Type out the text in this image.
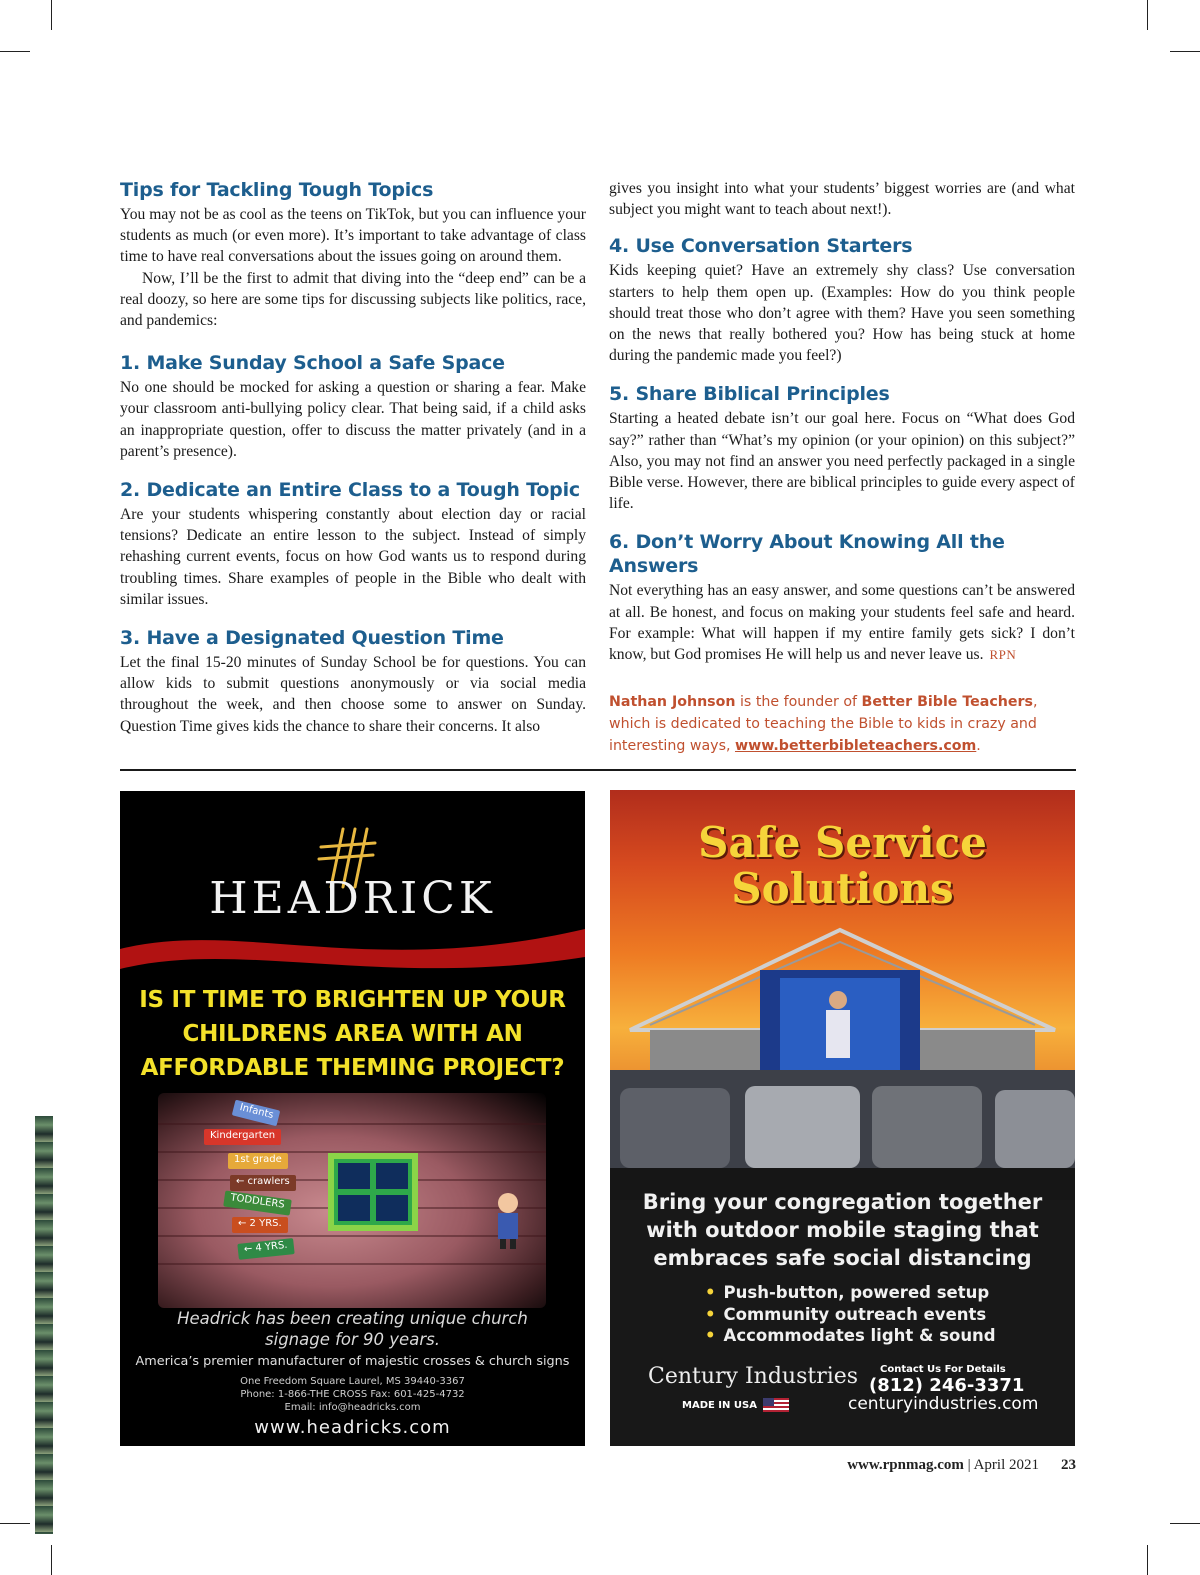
Tips for Tackling Tough Topics

You may not be as cool as the teens on TikTok, but you can influence your students as much (or even more). It’s important to take advantage of class time to have real conversations about the issues going on around them.

Now, I’ll be the first to admit that diving into the “deep end” can be a real doozy, so here are some tips for discussing subjects like politics, race, and pandemics:

1. Make Sunday School a Safe Space

No one should be mocked for asking a question or sharing a fear. Make your classroom anti-bullying policy clear. That being said, if a child asks an inappropriate question, offer to discuss the matter privately (and in a parent’s presence).

2. Dedicate an Entire Class to a Tough Topic

Are your students whispering constantly about election day or racial tensions? Dedicate an entire lesson to the subject. Instead of simply rehashing current events, focus on how God wants us to respond during troubling times. Share examples of people in the Bible who dealt with similar issues.

3. Have a Designated Question Time

Let the final 15-20 minutes of Sunday School be for questions. You can allow kids to submit questions anonymously or via social media throughout the week, and then choose some to answer on Sunday. Question Time gives kids the chance to share their concerns. It also

gives you insight into what your students’ biggest worries are (and what subject you might want to teach about next!).

4. Use Conversation Starters

Kids keeping quiet? Have an extremely shy class? Use conversation starters to help them open up. (Examples: How do you think people should treat those who don’t agree with them? Have you seen something on the news that really bothered you? How has being stuck at home during the pandemic made you feel?)

5. Share Biblical Principles

Starting a heated debate isn’t our goal here. Focus on “What does God say?” rather than “What’s my opinion (or your opinion) on this subject?” Also, you may not find an answer you need perfectly packaged in a single Bible verse. However, there are biblical principles to guide every aspect of life.

6. Don’t Worry About Knowing All the Answers

Not everything has an easy answer, and some questions can’t be answered at all. Be honest, and focus on making your students feel safe and heard. For example: What will happen if my entire family gets sick? I don’t know, but God promises He will help us and never leave us. RPN

Nathan Johnson is the founder of Better Bible Teachers, which is dedicated to teaching the Bible to kids in crazy and interesting ways, www.betterbibleteachers.com.

HEADRICK
IS IT TIME TO BRIGHTEN UP YOUR CHILDRENS AREA WITH AN AFFORDABLE THEMING PROJECT?
Infants
Kindergarten
1st grade
← crawlers
TODDLERS
← 2 YRS.
← 4 YRS.
Headrick has been creating unique church
signage for 90 years.
America’s premier manufacturer of majestic crosses & church signs
One Freedom Square Laurel, MS 39440-3367
Phone: 1-866-THE CROSS Fax: 601-425-4732
Email: info@headricks.com
www.headricks.com
Safe Service
Solutions
Bring your congregation together
with outdoor mobile staging that
embraces safe social distancing
• Push-button, powered setup
• Community outreach events
• Accommodates light & sound
Century Industries
MADE IN USA
Contact Us For Details
(812) 246-3371
centuryindustries.com
www.rpnmag.com | April 2021 23
